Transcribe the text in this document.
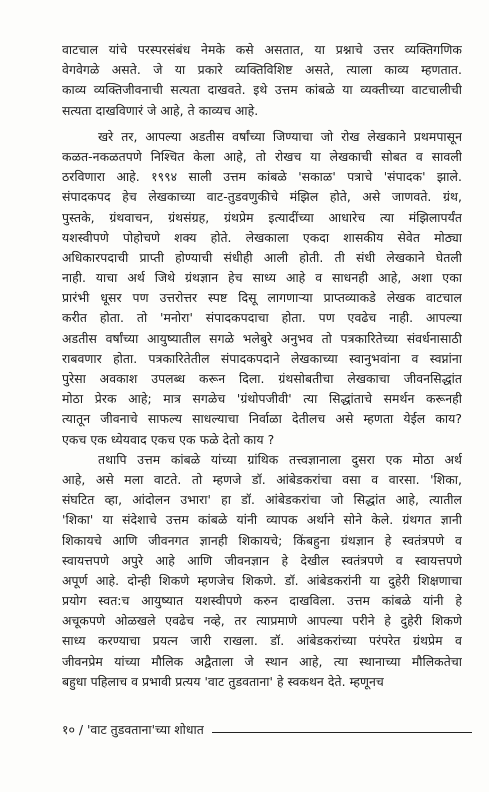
वाटचाल यांचे परस्परसंबंध नेमके कसे असतात, या प्रश्नाचे उत्तर व्यक्तिगणिक
वेगवेगळे असते. जे या प्रकारे व्यक्तिविशिष्ट असते, त्याला काव्य म्हणतात.
काव्य व्यक्तिजीवनाची सत्यता दाखवते. इथे उत्तम कांबळे या व्यक्तीच्या वाटचालीची
सत्यता दाखविणारं जे आहे, ते काव्यच आहे.
खरे तर, आपल्या अडतीस वर्षांच्या जिण्याचा जो रोख लेखकाने प्रथमपासून
कळत-नकळतपणे निश्चित केला आहे, तो रोखच या लेखकाची सोबत व सावली
ठरविणारा आहे. १९९४ साली उत्तम कांबळे 'सकाळ' पत्राचे 'संपादक' झाले.
संपादकपद हेच लेखकाच्या वाट-तुडवणुकीचे मंझिल होते, असे जाणवते. ग्रंथ,
पुस्तके, ग्रंथवाचन, ग्रंथसंग्रह, ग्रंथप्रेम इत्यादींच्या आधारेच त्या मंझिलापर्यंत
यशस्वीपणे पोहोचणे शक्य होते. लेखकाला एकदा शासकीय सेवेत मोठ्या
अधिकारपदाची प्राप्ती होण्याची संधीही आली होती. ती संधी लेखकाने घेतली
नाही. याचा अर्थ जिथे ग्रंथज्ञान हेच साध्य आहे व साधनही आहे, अशा एका
प्रारंभी धूसर पण उत्तरोत्तर स्पष्ट दिसू लागणाऱ्या प्राप्तव्याकडे लेखक वाटचाल
करीत होता. तो 'मनोरा' संपादकपदाचा होता. पण एवढेच नाही. आपल्या
अडतीस वर्षांच्या आयुष्यातील सगळे भलेबुरे अनुभव तो पत्रकारितेच्या संवर्धनासाठी
राबवणार होता. पत्रकारितेतील संपादकपदाने लेखकाच्या स्वानुभवांना व स्वप्नांना
पुरेसा अवकाश उपलब्ध करून दिला. ग्रंथसोबतीचा लेखकाचा जीवनसिद्धांत
मोठा प्रेरक आहे; मात्र सगळेच 'ग्रंथोपजीवी' त्या सिद्धांताचे समर्थन करूनही
त्यातून जीवनाचे साफल्य साधल्याचा निर्वाळा देतीलच असे म्हणता येईल काय?
एकच एक ध्येयवाद एकच एक फळे देतो काय ?
तथापि उत्तम कांबळे यांच्या ग्रांथिक तत्त्वज्ञानाला दुसरा एक मोठा अर्थ
आहे, असे मला वाटते. तो म्हणजे डॉ. आंबेडकरांचा वसा व वारसा. 'शिका,
संघटित व्हा, आंदोलन उभारा' हा डॉ. आंबेडकरांचा जो सिद्धांत आहे, त्यातील
'शिका' या संदेशाचे उत्तम कांबळे यांनी व्यापक अर्थाने सोने केले. ग्रंथगत ज्ञानी
शिकायचे आणि जीवनगत ज्ञानही शिकायचे; किंबहुना ग्रंथज्ञान हे स्वतंत्रपणे व
स्वायत्तपणे अपुरे आहे आणि जीवनज्ञान हे देखील स्वतंत्रपणे व स्वायत्तपणे
अपूर्ण आहे. दोन्ही शिकणे म्हणजेच शिकणे. डॉ. आंबेडकरांनी या दुहेरी शिक्षणाचा
प्रयोग स्वत:च आयुष्यात यशस्वीपणे करुन दाखविला. उत्तम कांबळे यांनी हे
अचूकपणे ओळखले एवढेच नव्हे, तर त्याप्रमाणे आपल्या परीने हे दुहेरी शिकणे
साध्य करण्याचा प्रयत्न जारी राखला. डॉ. आंबेडकरांच्या परंपरेत ग्रंथप्रेम व
जीवनप्रेम यांच्या मौलिक अद्वैताला जे स्थान आहे, त्या स्थानाच्या मौलिकतेचा
बहुधा पहिलाच व प्रभावी प्रत्यय 'वाट तुडवताना' हे स्वकथन देते. म्हणूनच
१० / 'वाट तुडवताना'च्या शोधात
